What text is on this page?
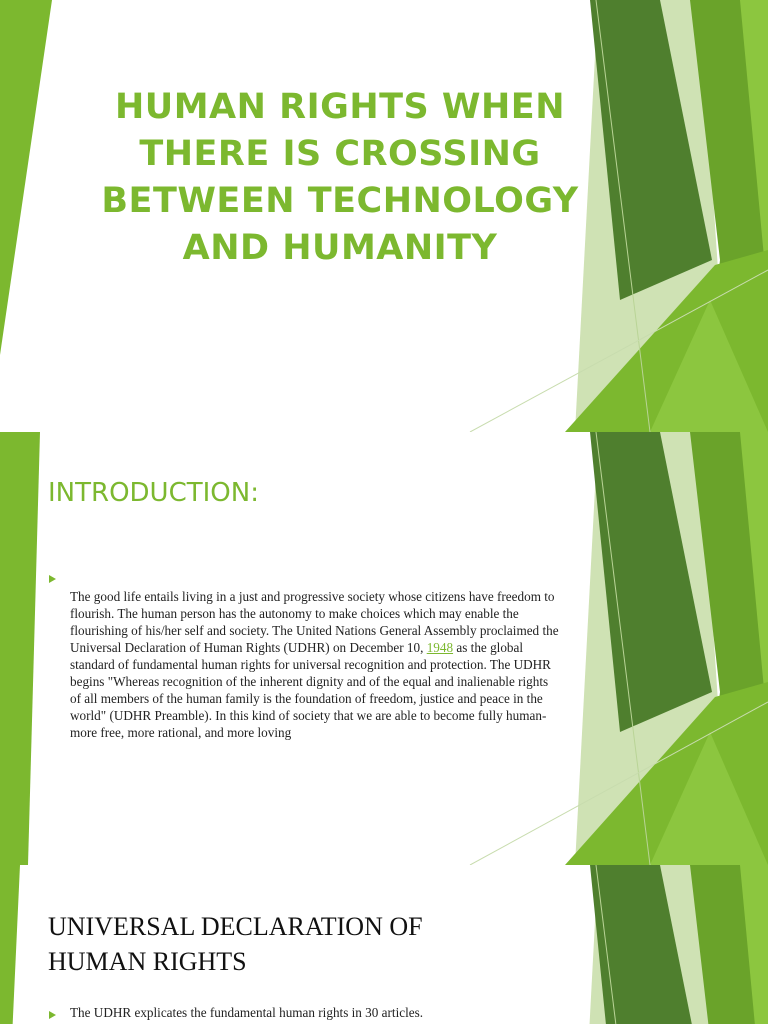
HUMAN RIGHTS WHEN
THERE IS CROSSING
BETWEEN TECHNOLOGY
AND HUMANITY
INTRODUCTION:
The good life entails living in a just and progressive society whose citizens have freedom to flourish. The human person has the autonomy to make choices which may enable the flourishing of his/her self and society. The United Nations General Assembly proclaimed the Universal Declaration of Human Rights (UDHR) on December 10, 1948 as the global standard of fundamental human rights for universal recognition and protection. The UDHR begins "Whereas recognition of the inherent dignity and of the equal and inalienable rights of all members of the human family is the foundation of freedom, justice and peace in the world" (UDHR Preamble). In this kind of society that we are able to become fully human- more free, more rational, and more loving
UNIVERSAL DECLARATION OF
HUMAN RIGHTS
The UDHR explicates the fundamental human rights in 30 articles.
